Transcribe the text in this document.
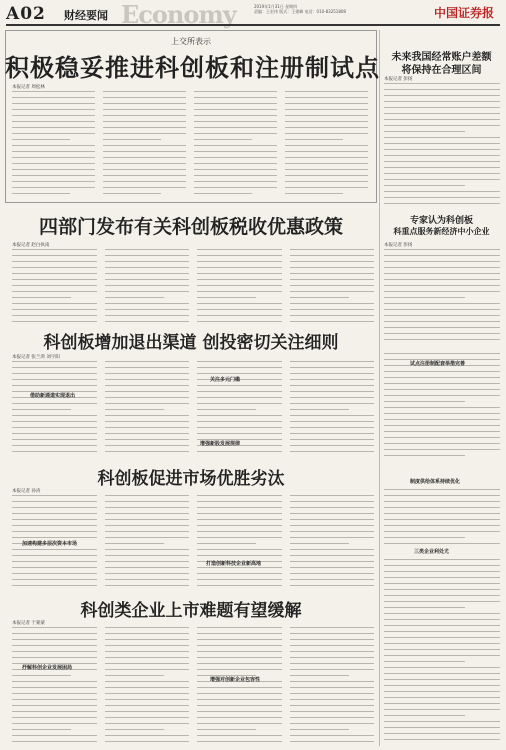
A02 财经要闻 Economy	2019年1月31日 星期四
责编：王宏伟 版式：王建峰 电话：010-83251808	中国证券报
上交所表示
积极稳妥推进科创板和注册制试点
本报记者 周松林
未来我国经常账户差额
将保持在合理区间
本报记者 彭扬
四部门发布有关科创板税收优惠政策
本报记者 赵白执南
专家认为科创板
科重点服务新经济中小企业
本报记者 彭扬
科创板增加退出渠道 创投密切关注细则
本报记者 张兰鸿 刘宇阳
借助新通道实现退出
关注多元门槛
增强新股发展规律
试点注册制配套举措完善
制度供给体系持续优化
三类企业利处尤
科创板促进市场优胜劣汰
本报记者 孙涛
加速构建多层次资本市场
打造创新科技企业新高地
科创类企业上市难题有望缓解
本报记者 于蒙蒙
抒解科创企业发展困局
增强对创新企业包容性
